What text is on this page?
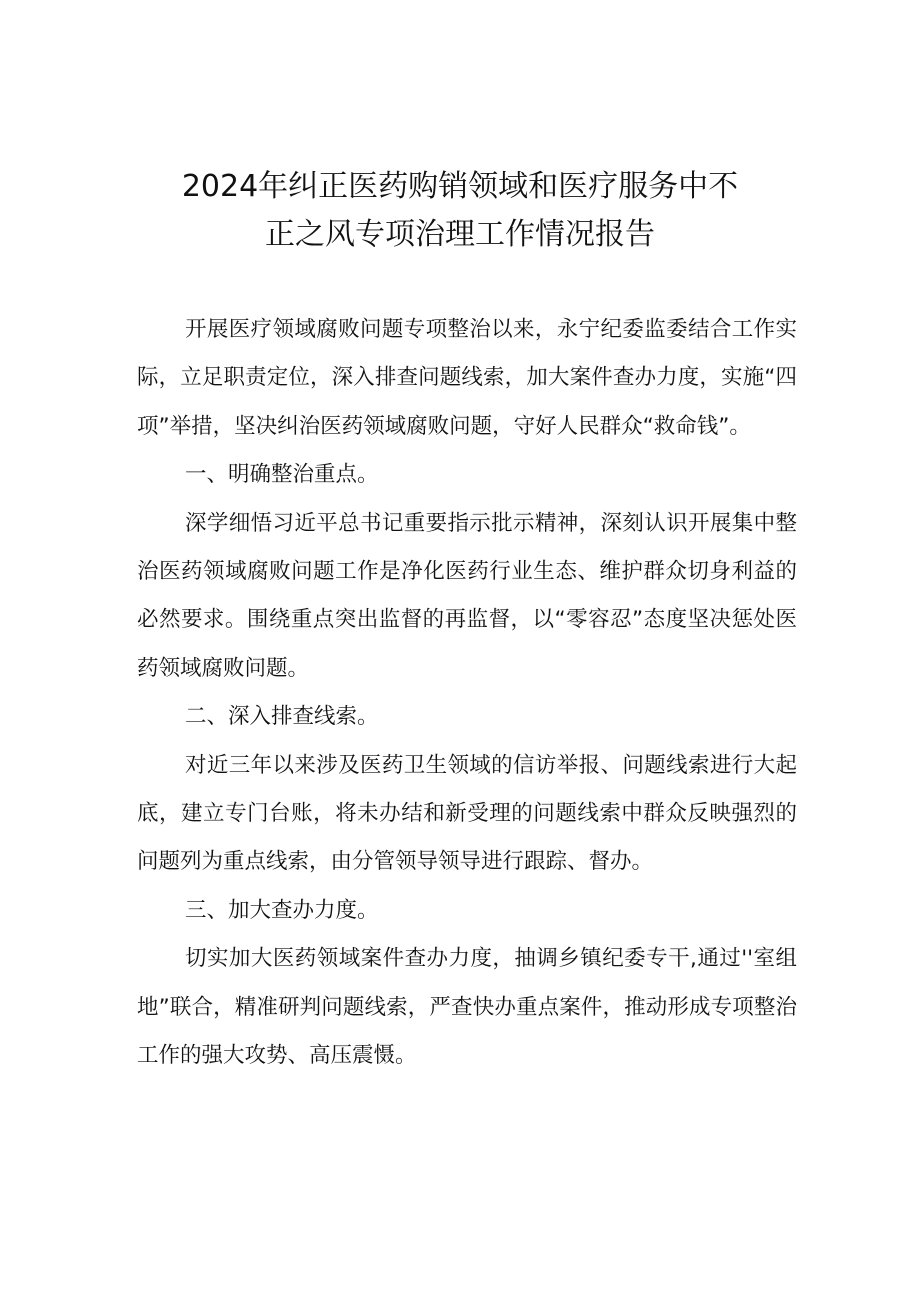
2024年纠正医药购销领域和医疗服务中不
正之风专项治理工作情况报告

开展医疗领域腐败问题专项整治以来，永宁纪委监委结合工作实际，立足职责定位，深入排查问题线索，加大案件查办力度，实施“四项”举措，坚决纠治医药领域腐败问题，守好人民群众“救命钱”。

一、明确整治重点。

深学细悟习近平总书记重要指示批示精神，深刻认识开展集中整治医药领域腐败问题工作是净化医药行业生态、维护群众切身利益的必然要求。围绕重点突出监督的再监督，以“零容忍”态度坚决惩处医药领域腐败问题。

二、深入排查线索。

对近三年以来涉及医药卫生领域的信访举报、问题线索进行大起底，建立专门台账，将未办结和新受理的问题线索中群众反映强烈的问题列为重点线索，由分管领导领导进行跟踪、督办。

三、加大查办力度。

切实加大医药领域案件查办力度，抽调乡镇纪委专干,通过''室组地”联合，精准研判问题线索，严查快办重点案件，推动形成专项整治工作的强大攻势、高压震慑。
